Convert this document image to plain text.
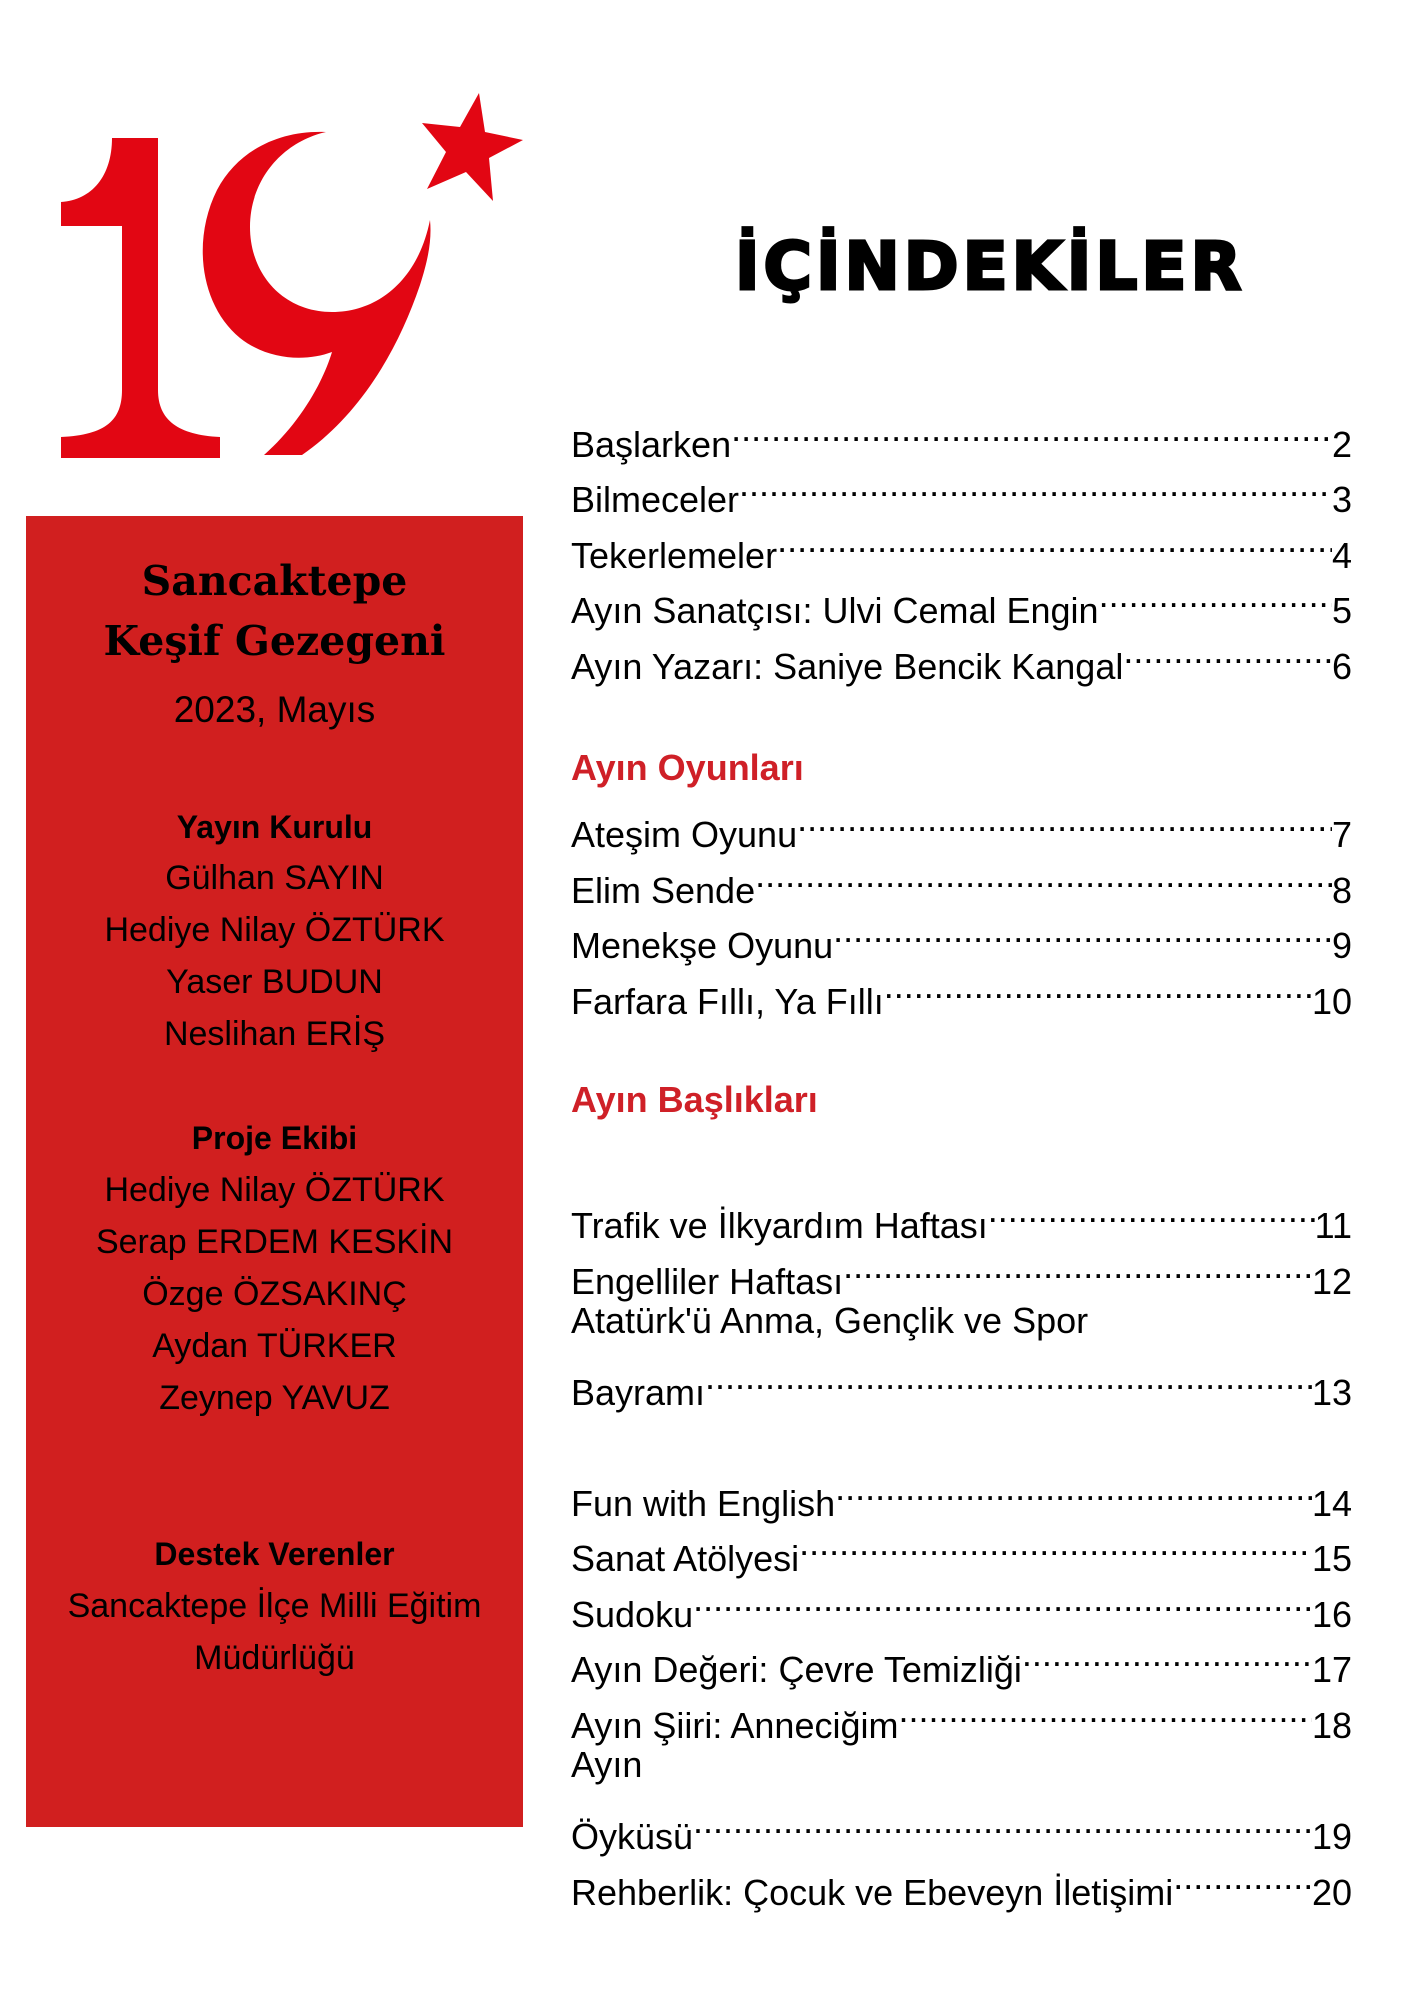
İÇİNDEKİLER
Sancaktepe
Keşif Gezegeni
2023, Mayıs
Yayın Kurulu
Gülhan SAYIN
Hediye Nilay ÖZTÜRK
Yaser BUDUN
Neslihan ERİŞ
Proje Ekibi
Hediye Nilay ÖZTÜRK
Serap ERDEM KESKİN
Özge ÖZSAKINÇ
Aydan TÜRKER
Zeynep YAVUZ
Destek Verenler
Sancaktepe İlçe Milli Eğitim
Müdürlüğü
Başlarken .....	2
Bilmeceler .....	3
Tekerlemeler .....	4
Ayın Sanatçısı: Ulvi Cemal Engin .....	5
Ayın Yazarı: Saniye Bencik Kangal .....	6
Ayın Oyunları
Ateşim Oyunu .....	7
Elim Sende .....	8
Menekşe Oyunu .....	9
Farfara Fıllı, Ya Fıllı .....	10
Ayın Başlıkları
Trafik ve İlkyardım Haftası .....	11
Engelliler Haftası .....	12
Atatürk'ü Anma, Gençlik ve Spor
Bayramı .....	13
Fun with English .....	14
Sanat Atölyesi .....	15
Sudoku .....	16
Ayın Değeri: Çevre Temizliği .....	17
Ayın Şiiri: Anneciğim .....	18
Ayın
Öyküsü .....	19
Rehberlik: Çocuk ve Ebeveyn İletişimi .....	20
